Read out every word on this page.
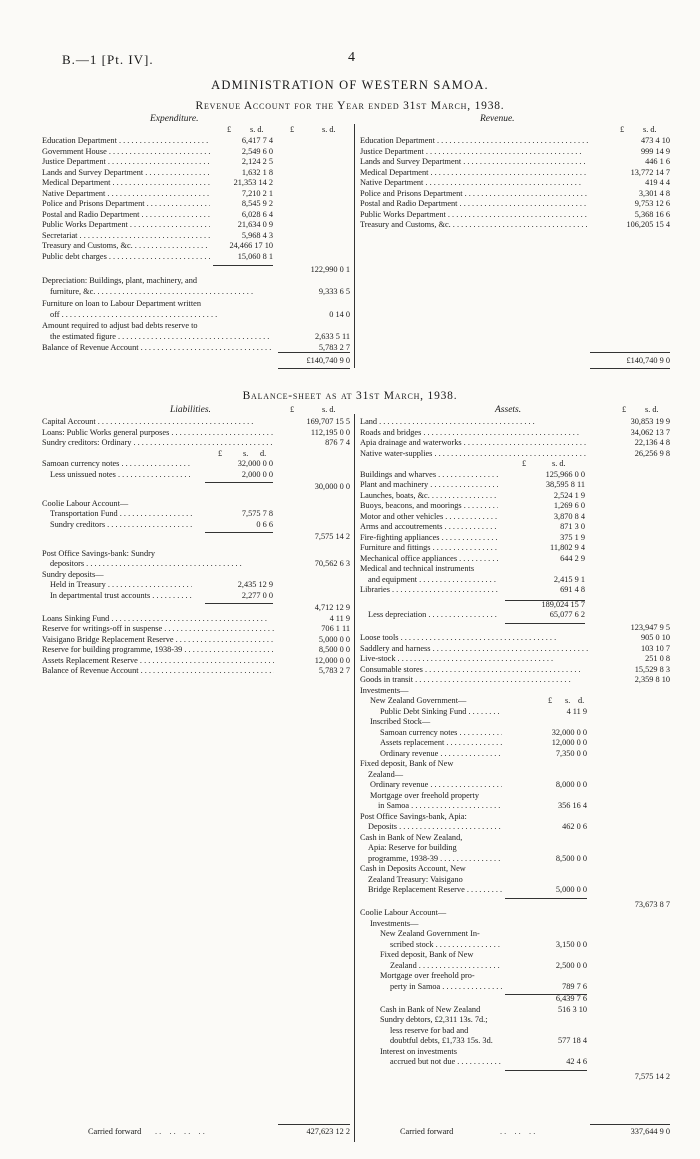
B.—1 [Pt. IV].	4
ADMINISTRATION OF WESTERN SAMOA.
Revenue Account for the Year ended 31st March, 1938.
Expenditure.	Revenue.
£ s. d.	£	s. d.	£ s. d.
Education Department . . .	6,417 7 4
Government House . . .	2,549 6 0
Justice Department . . .	2,124 2 5
Lands and Survey Department . . .	1,632 1 8
Medical Department . . .	21,353 14 2
Native Department . . .	7,210 2 1
Police and Prisons Department . . .	8,545 9 2
Postal and Radio Department . . .	6,028 6 4
Public Works Department . . .	21,634 0 9
Secretariat . . .	5,968 4 3
Treasury and Customs, &c. . . .	24,466 17 10
Public debt charges . . .	15,060 8 1
Education Department . . .	473 4 10
Justice Department . . .	999 14 9
Lands and Survey Department . . .	446 1 6
Medical Department . . .	13,772 14 7
Native Department . . .	419 4 4
Police and Prisons Department . . .	3,301 4 8
Postal and Radio Department . . .	9,753 12 6
Public Works Department . . .	5,368 16 6
Treasury and Customs, &c. . . .	106,205 15 4
122,990 0 1
Depreciation: Buildings, plant, machinery, and
furniture, &c. . . .	9,333 6 5
Furniture on loan to Labour Department written
off . . .	0 14 0
Amount required to adjust bad debts reserve to
the estimated figure . . .	2,633 5 11
Balance of Revenue Account . . .	5,783 2 7
£140,740 9 0	£140,740 9 0
Balance-sheet as at 31st March, 1938.
Liabilities.	£	s. d.	Assets.	£ s. d.
Capital Account . . .	169,707 15 5
Loans: Public Works general purposes . . .	112,195 0 0
Sundry creditors: Ordinary . . .	876 7 4
£	s. d.
Samoan currency notes . . .	32,000 0 0
Less unissued notes . . .	2,000 0 0
30,000 0 0
Coolie Labour Account—
Transportation Fund . . .	7,575 7 8
Sundry creditors . . .	0 6 6
7,575 14 2
Post Office Savings-bank: Sundry
depositors . . .	70,562 6 3
Sundry deposits—
Held in Treasury . . .	2,435 12 9
In departmental trust accounts . . .	2,277 0 0
4,712 12 9
Loans Sinking Fund . . .	4 11 9
Reserve for writings-off in suspense . . .	706 1 11
Vaisigano Bridge Replacement Reserve . . .	5,000 0 0
Reserve for building programme, 1938-39 . . .	8,500 0 0
Assets Replacement Reserve . . .	12,000 0 0
Balance of Revenue Account . . .	5,783 2 7
Land . . .	30,853 19 9
Roads and bridges . . .	34,062 13 7
Apia drainage and waterworks . . .	22,136 4 8
Native water-supplies . . .	26,256 9 8
£	s. d.
Buildings and wharves . . .	125,966 0 0
Plant and machinery . . .	38,595 8 11
Launches, boats, &c. . . .	2,524 1 9
Buoys, beacons, and moorings . . .	1,269 6 0
Motor and other vehicles . . .	3,870 8 4
Arms and accoutrements . . .	871 3 0
Fire-fighting appliances . . .	375 1 9
Furniture and fittings . . .	11,802 9 4
Mechanical office appliances . . .	644 2 9
Medical and technical instruments
and equipment . . .	2,415 9 1
Libraries . . .	691 4 8
189,024 15 7
Less depreciation . . .	65,077 6 2
123,947 9 5
Loose tools . . .	905 0 10
Saddlery and harness . . .	103 10 7
Live-stock . . .	251 0 8
Consumable stores . . .	15,529 8 3
Goods in transit . . .	2,359 8 10
Investments—
New Zealand Government—	£ s. d.
Public Debt Sinking Fund . . .	4 11 9
Inscribed Stock—
Samoan currency notes . . .	32,000 0 0
Assets replacement . . .	12,000 0 0
Ordinary revenue . . .	7,350 0 0
Fixed deposit, Bank of New
Zealand—
Ordinary revenue . . .	8,000 0 0
Mortgage over freehold property
in Samoa . . .	356 16 4
Post Office Savings-bank, Apia:
Deposits . . .	462 0 6
Cash in Bank of New Zealand,
Apia: Reserve for building
programme, 1938-39 . . .	8,500 0 0
Cash in Deposits Account, New
Zealand Treasury: Vaisigano
Bridge Replacement Reserve . . .	5,000 0 0
73,673 8 7
Coolie Labour Account—
Investments—
New Zealand Government In-
scribed stock . . .	3,150 0 0
Fixed deposit, Bank of New
Zealand . . .	2,500 0 0
Mortgage over freehold pro-
perty in Samoa . . .	789 7 6
6,439 7 6
Cash in Bank of New Zealand	516 3 10
Sundry debtors, £2,311 13s. 7d.;
less reserve for bad and
doubtful debts, £1,733 15s. 3d.	577 18 4
Interest on investments
accrued but not due . . .	42 4 6
7,575 14 2
Carried forward . .    . .    . .    . .	427,623 12 2	Carried forward	. .    . .    . .	337,644 9 0
